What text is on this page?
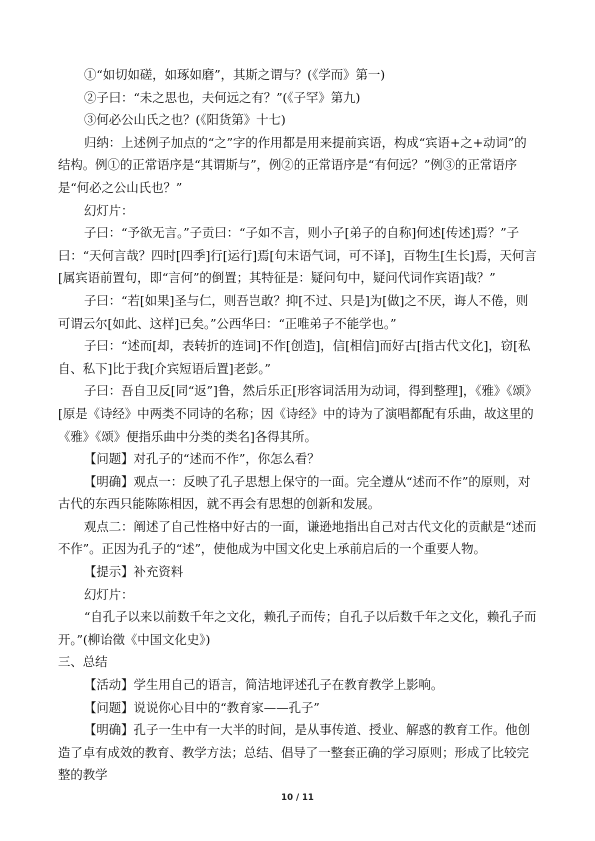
①“如切如磋，如琢如磨”，其斯之谓与？(《学而》第一)

②子曰：“未之思也，夫何远之有？”(《子罕》第九)

③何必公山氏之也？(《阳货第》十七)

归纳：上述例子加点的“之”字的作用都是用来提前宾语，构成“宾语+之+动词”的结构。例①的正常语序是“其谓斯与”，例②的正常语序是“有何远？”例③的正常语序是“何必之公山氏也？”

幻灯片：

子曰：“予欲无言。”子贡曰：“子如不言，则小子[弟子的自称]何述[传述]焉？”子曰：“天何言哉？四时[四季]行[运行]焉[句末语气词，可不译]，百物生[生长]焉，天何言[属宾语前置句，即“言何”的倒置；其特征是：疑问句中，疑问代词作宾语]哉？”

子曰：“若[如果]圣与仁，则吾岂敢？抑[不过、只是]为[做]之不厌，诲人不倦，则可谓云尔[如此、这样]已矣。”公西华曰：“正唯弟子不能学也。”

子曰：“述而[却，表转折的连词]不作[创造]，信[相信]而好古[指古代文化]，窃[私自、私下]比于我[介宾短语后置]老彭。”

子曰：吾自卫反[同“返”]鲁，然后乐正[形容词活用为动词，得到整理]，《雅》《颂》[原是《诗经》中两类不同诗的名称；因《诗经》中的诗为了演唱都配有乐曲，故这里的《雅》《颂》便指乐曲中分类的类名]各得其所。

【问题】对孔子的“述而不作”，你怎么看？

【明确】观点一：反映了孔子思想上保守的一面。完全遵从“述而不作”的原则，对古代的东西只能陈陈相因，就不再会有思想的创新和发展。

观点二：阐述了自己性格中好古的一面，谦逊地指出自己对古代文化的贡献是“述而不作”。正因为孔子的“述”，使他成为中国文化史上承前启后的一个重要人物。

【提示】补充资料

幻灯片：

“自孔子以来以前数千年之文化，赖孔子而传；自孔子以后数千年之文化，赖孔子而开。”(柳诒徵《中国文化史》)

三、总结

【活动】学生用自己的语言，简洁地评述孔子在教育教学上影响。

【问题】说说你心目中的“教育家——孔子”

【明确】孔子一生中有一大半的时间，是从事传道、授业、解惑的教育工作。他创造了卓有成效的教育、教学方法；总结、倡导了一整套正确的学习原则；形成了比较完整的教学

10 / 11
